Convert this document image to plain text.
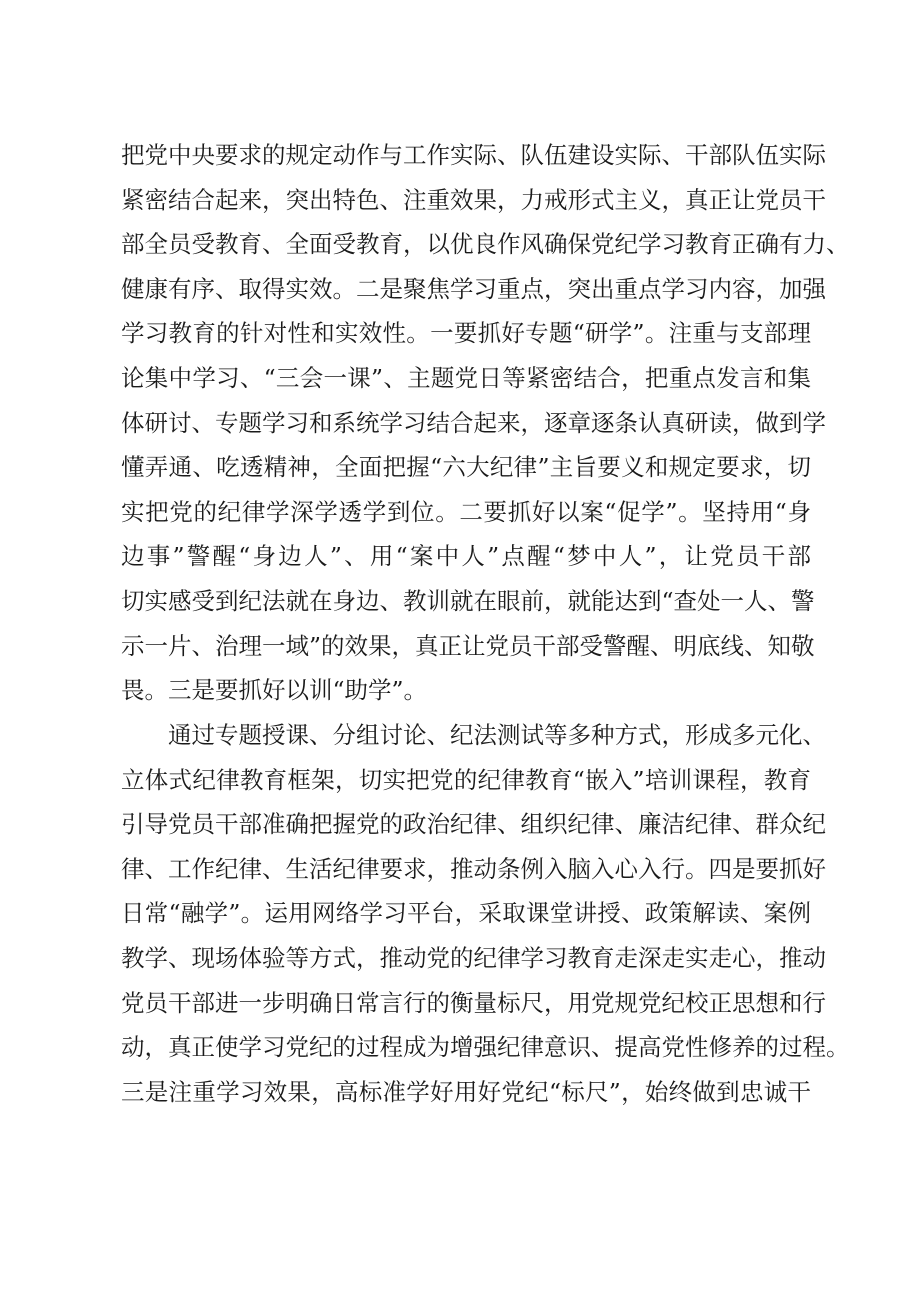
把党中央要求的规定动作与工作实际、队伍建设实际、干部队伍实际
紧密结合起来，突出特色、注重效果，力戒形式主义，真正让党员干
部全员受教育、全面受教育，以优良作风确保党纪学习教育正确有力、
健康有序、取得实效。二是聚焦学习重点，突出重点学习内容，加强
学习教育的针对性和实效性。一要抓好专题“研学”。注重与支部理
论集中学习、“三会一课”、主题党日等紧密结合，把重点发言和集
体研讨、专题学习和系统学习结合起来，逐章逐条认真研读，做到学
懂弄通、吃透精神，全面把握“六大纪律”主旨要义和规定要求，切
实把党的纪律学深学透学到位。二要抓好以案“促学”。坚持用“身
边事”警醒“身边人”、用“案中人”点醒“梦中人”，让党员干部
切实感受到纪法就在身边、教训就在眼前，就能达到“查处一人、警
示一片、治理一域”的效果，真正让党员干部受警醒、明底线、知敬
畏。三是要抓好以训“助学”。
通过专题授课、分组讨论、纪法测试等多种方式，形成多元化、
立体式纪律教育框架，切实把党的纪律教育“嵌入”培训课程，教育
引导党员干部准确把握党的政治纪律、组织纪律、廉洁纪律、群众纪
律、工作纪律、生活纪律要求，推动条例入脑入心入行。四是要抓好
日常“融学”。运用网络学习平台，采取课堂讲授、政策解读、案例
教学、现场体验等方式，推动党的纪律学习教育走深走实走心，推动
党员干部进一步明确日常言行的衡量标尺，用党规党纪校正思想和行
动，真正使学习党纪的过程成为增强纪律意识、提高党性修养的过程。
三是注重学习效果，高标准学好用好党纪“标尺”，始终做到忠诚干
